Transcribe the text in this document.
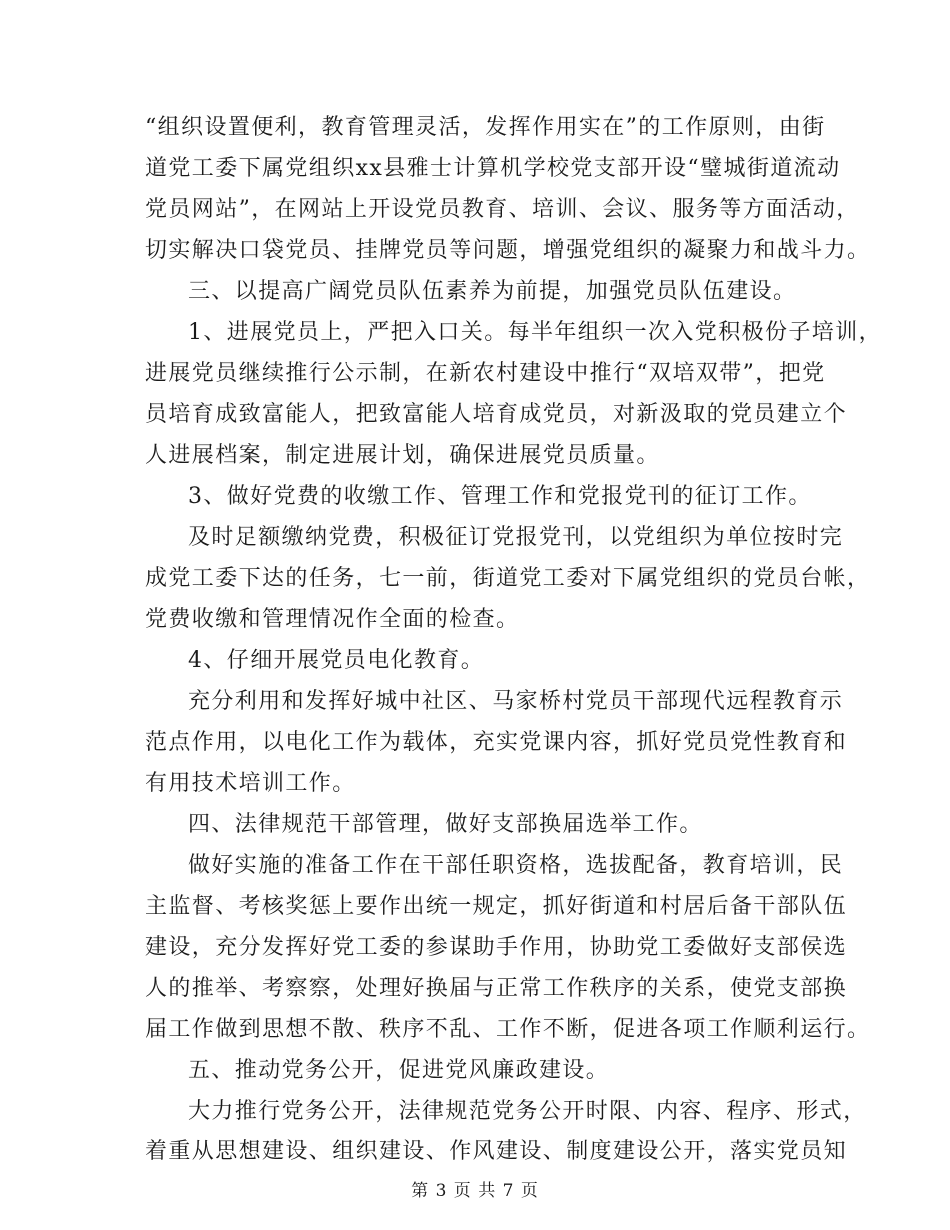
“组织设置便利，教育管理灵活，发挥作用实在”的工作原则，由街
道党工委下属党组织xx县雅士计算机学校党支部开设“璧城街道流动
党员网站”，在网站上开设党员教育、培训、会议、服务等方面活动，
切实解决口袋党员、挂牌党员等问题，增强党组织的凝聚力和战斗力。
三、以提高广阔党员队伍素养为前提，加强党员队伍建设。
1、进展党员上，严把入口关。每半年组织一次入党积极份子培训，
进展党员继续推行公示制，在新农村建设中推行“双培双带”，把党
员培育成致富能人，把致富能人培育成党员，对新汲取的党员建立个
人进展档案，制定进展计划，确保进展党员质量。
3、做好党费的收缴工作、管理工作和党报党刊的征订工作。
及时足额缴纳党费，积极征订党报党刊，以党组织为单位按时完
成党工委下达的任务，七一前，街道党工委对下属党组织的党员台帐，
党费收缴和管理情况作全面的检查。
4、仔细开展党员电化教育。
充分利用和发挥好城中社区、马家桥村党员干部现代远程教育示
范点作用，以电化工作为载体，充实党课内容，抓好党员党性教育和
有用技术培训工作。
四、法律规范干部管理，做好支部换届选举工作。
做好实施的准备工作在干部任职资格，选拔配备，教育培训，民
主监督、考核奖惩上要作出统一规定，抓好街道和村居后备干部队伍
建设，充分发挥好党工委的参谋助手作用，协助党工委做好支部侯选
人的推举、考察察，处理好换届与正常工作秩序的关系，使党支部换
届工作做到思想不散、秩序不乱、工作不断，促进各项工作顺利运行。
五、推动党务公开，促进党风廉政建设。
大力推行党务公开，法律规范党务公开时限、内容、程序、形式，
着重从思想建设、组织建设、作风建设、制度建设公开，落实党员知
第 3 页 共 7 页
